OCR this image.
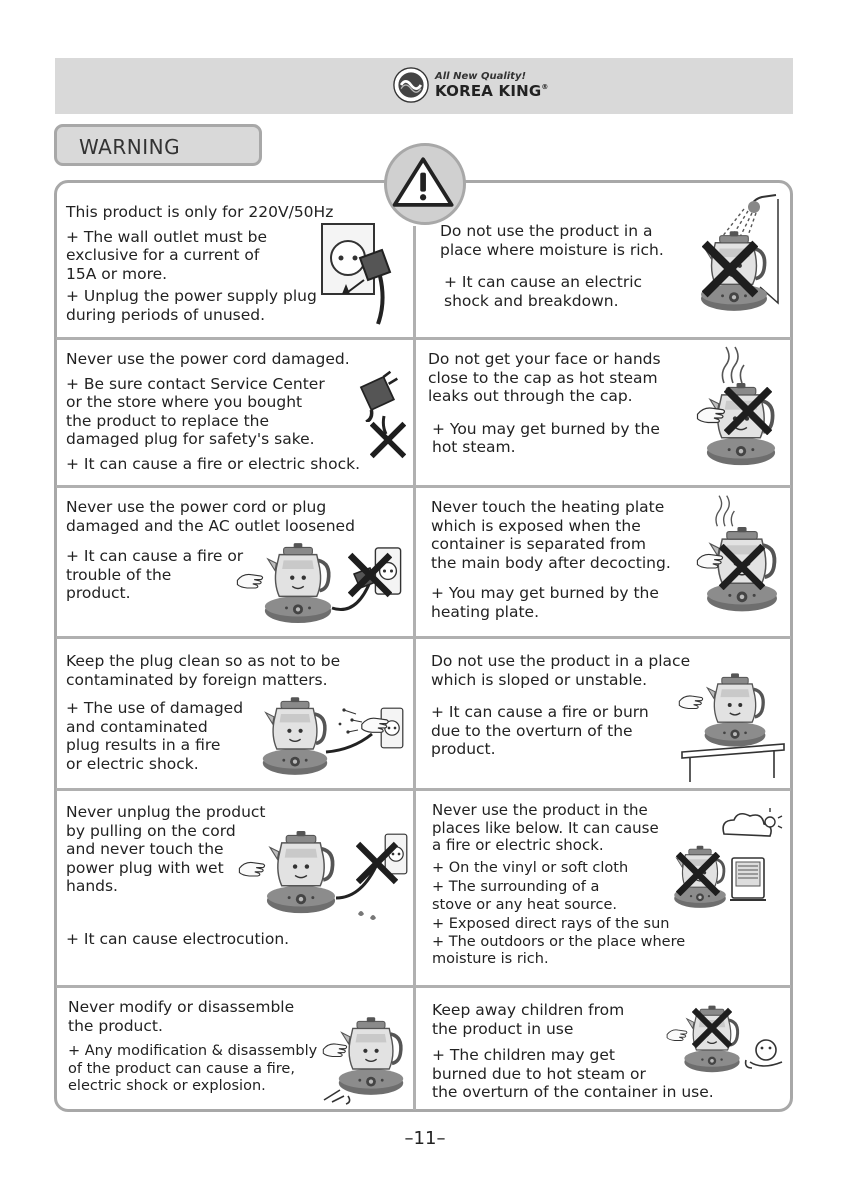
All New Quality!
KOREA KING®
WARNING
This product is only for 220V/50Hz
+ The wall outlet must be
exclusive for a current of
15A or more.
+ Unplug the power supply plug
during periods of unused.
Do not use the product in a
place where moisture is rich.
+ It can cause an electric
shock and breakdown.
Never use the power cord damaged.
+ Be sure contact Service Center
or the store where you bought
the product to replace the
damaged plug for safety's sake.
+ It can cause a fire or electric shock.
Do not get your face or hands
close to the cap as hot steam
leaks out through the cap.
+ You may get burned by the
hot steam.
Never use the power cord or plug
damaged and the AC outlet loosened
+ It can cause a fire or
trouble of the
product.
Never touch the heating plate
which is exposed when the
container is separated from
the main body after decocting.
+ You may get burned by the
heating plate.
Keep the plug clean so as not to be
contaminated by foreign matters.
+ The use of damaged
and contaminated
plug results in a fire
or electric shock.
Do not use the product in a place
which is sloped or unstable.
+ It can cause a fire or burn
due to the overturn of the
product.
Never unplug the product
by pulling on the cord
and never touch the
power plug with wet
hands.
+ It can cause electrocution.
Never use the product in the
places like below. It can cause
a fire or electric shock.
+ On the vinyl or soft cloth
+ The surrounding of a
stove or any heat source.
+ Exposed direct rays of the sun
+ The outdoors or the place where
moisture is rich.
Never modify or disassemble
the product.
+ Any modification & disassembly
of the product can cause a fire,
electric shock or explosion.
Keep away children from
the product in use
+ The children may get
burned due to hot steam or
the overturn of the container in use.
–11–
